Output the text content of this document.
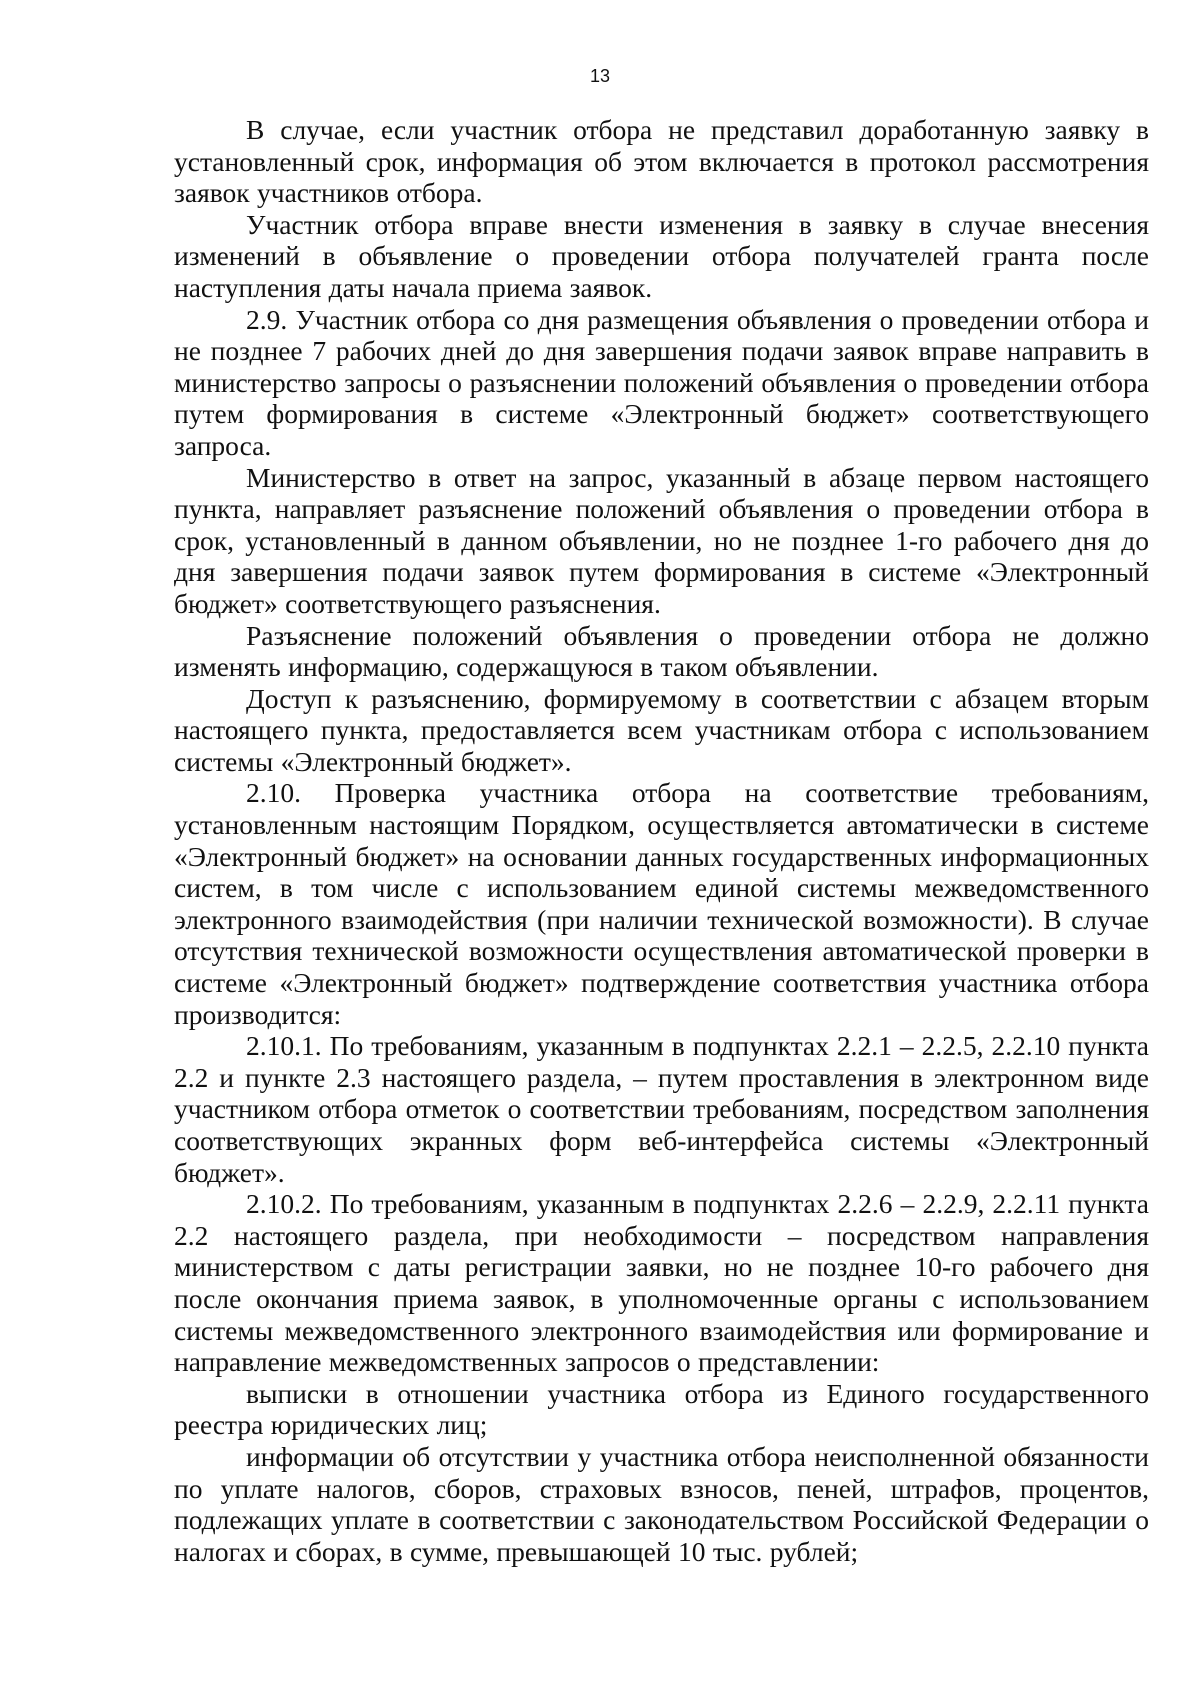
13

В случае, если участник отбора не представил доработанную заявку в установленный срок, информация об этом включается в протокол рассмотрения заявок участников отбора.

Участник отбора вправе внести изменения в заявку в случае внесения изменений в объявление о проведении отбора получателей гранта после наступления даты начала приема заявок.

2.9. Участник отбора со дня размещения объявления о проведении отбора и не позднее 7 рабочих дней до дня завершения подачи заявок вправе направить в министерство запросы о разъяснении положений объявления о проведении отбора путем формирования в системе «Электронный бюджет» соответствующего запроса.

Министерство в ответ на запрос, указанный в абзаце первом настоящего пункта, направляет разъяснение положений объявления о проведении отбора в срок, установленный в данном объявлении, но не позднее 1-го рабочего дня до дня завершения подачи заявок путем формирования в системе «Электронный бюджет» соответствующего разъяснения.

Разъяснение положений объявления о проведении отбора не должно изменять информацию, содержащуюся в таком объявлении.

Доступ к разъяснению, формируемому в соответствии с абзацем вторым настоящего пункта, предоставляется всем участникам отбора с использованием системы «Электронный бюджет».

2.10. Проверка участника отбора на соответствие требованиям, установленным настоящим Порядком, осуществляется автоматически в системе «Электронный бюджет» на основании данных государственных информационных систем, в том числе с использованием единой системы межведомственного электронного взаимодействия (при наличии технической возможности). В случае отсутствия технической возможности осуществления автоматической проверки в системе «Электронный бюджет» подтверждение соответствия участника отбора производится:

2.10.1. По требованиям, указанным в подпунктах 2.2.1 – 2.2.5, 2.2.10 пункта 2.2 и пункте 2.3 настоящего раздела, – путем проставления в электронном виде участником отбора отметок о соответствии требованиям, посредством заполнения соответствующих экранных форм веб-интерфейса системы «Электронный бюджет».

2.10.2. По требованиям, указанным в подпунктах 2.2.6 – 2.2.9, 2.2.11 пункта 2.2 настоящего раздела, при необходимости – посредством направления министерством с даты регистрации заявки, но не позднее 10-го рабочего дня после окончания приема заявок, в уполномоченные органы с использованием системы межведомственного электронного взаимодействия или формирование и направление межведомственных запросов о представлении:

выписки в отношении участника отбора из Единого государственного реестра юридических лиц;

информации об отсутствии у участника отбора неисполненной обязанности по уплате налогов, сборов, страховых взносов, пеней, штрафов, процентов, подлежащих уплате в соответствии с законодательством Российской Федерации о налогах и сборах, в сумме, превышающей 10 тыс. рублей;
